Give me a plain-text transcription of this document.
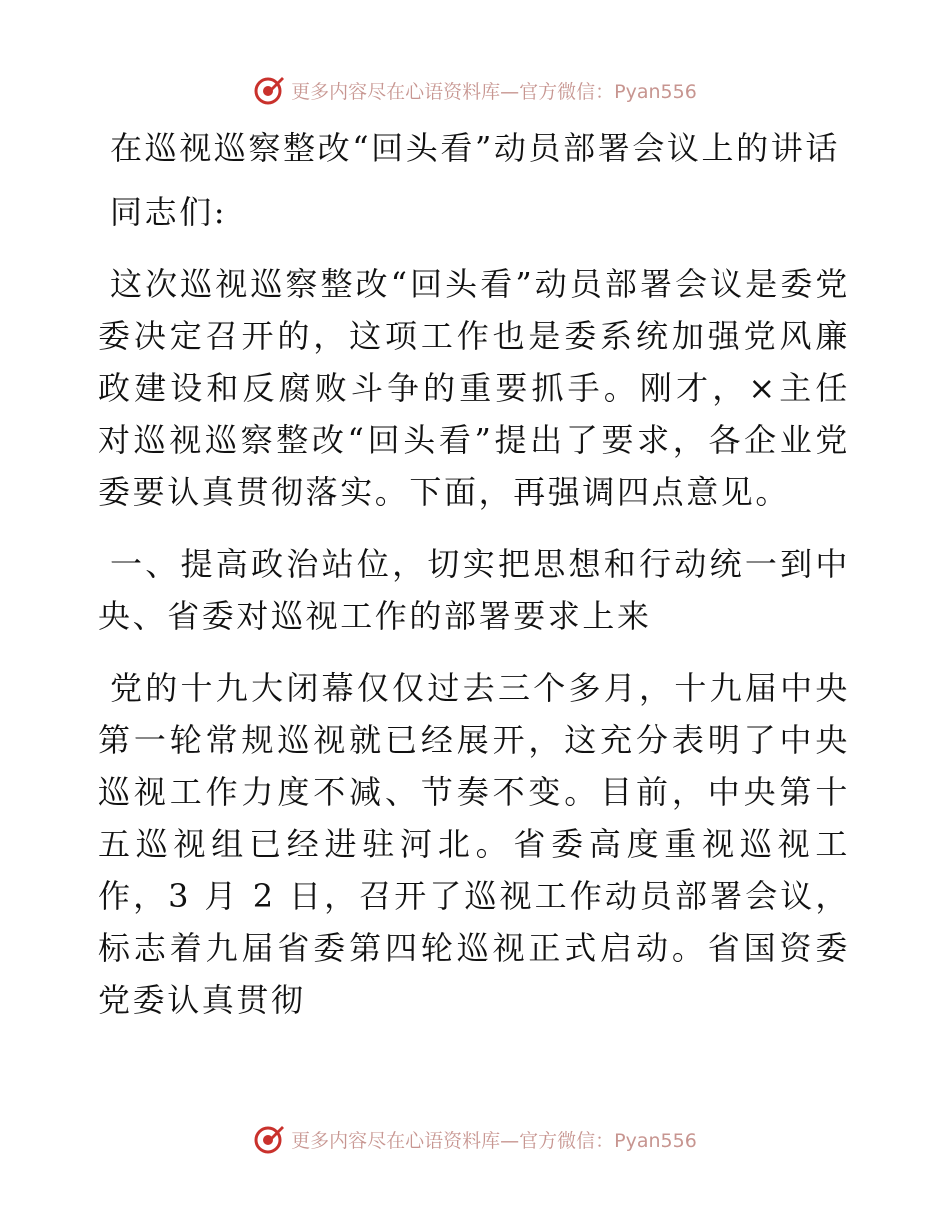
更多内容尽在心语资料库—官方微信：Pyan556

在巡视巡察整改“回头看”动员部署会议上的讲话

同志们:

这次巡视巡察整改“回头看”动员部署会议是委党委决定召开的，这项工作也是委系统加强党风廉政建设和反腐败斗争的重要抓手。刚才，×主任对巡视巡察整改“回头看”提出了要求，各企业党委要认真贯彻落实。下面，再强调四点意见。

一、提高政治站位，切实把思想和行动统一到中央、省委对巡视工作的部署要求上来

党的十九大闭幕仅仅过去三个多月，十九届中央第一轮常规巡视就已经展开，这充分表明了中央巡视工作力度不减、节奏不变。目前，中央第十五巡视组已经进驻河北。省委高度重视巡视工作，3 月 2 日，召开了巡视工作动员部署会议，标志着九届省委第四轮巡视正式启动。省国资委党委认真贯彻

更多内容尽在心语资料库—官方微信：Pyan556
